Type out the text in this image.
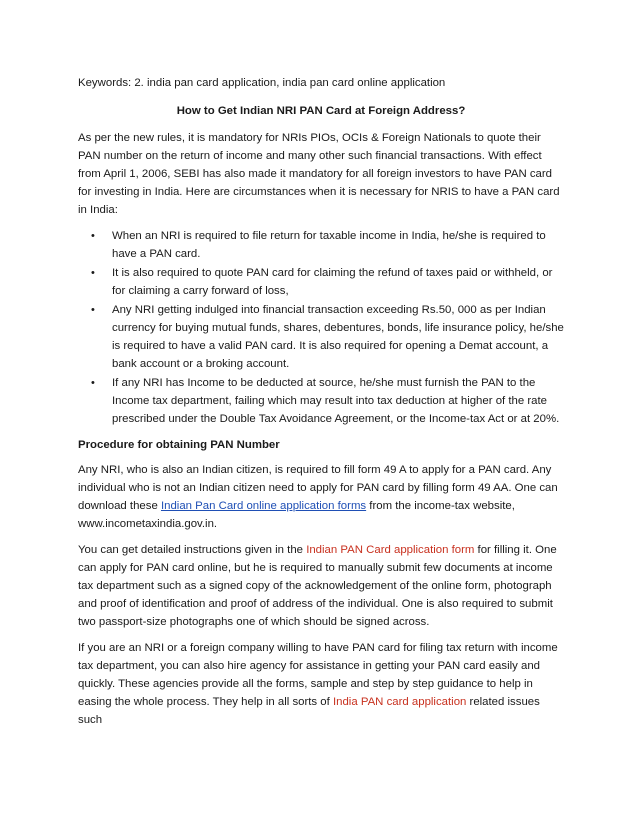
Keywords: 2. india pan card application, india pan card online application

How to Get Indian NRI PAN Card at Foreign Address?

As per the new rules, it is mandatory for NRIs PIOs, OCIs & Foreign Nationals to quote their PAN number on the return of income and many other such financial transactions. With effect from April 1, 2006, SEBI has also made it mandatory for all foreign investors to have PAN card for investing in India. Here are circumstances when it is necessary for NRIS to have a PAN card in India:

• When an NRI is required to file return for taxable income in India, he/she is required to have a PAN card.
• It is also required to quote PAN card for claiming the refund of taxes paid or withheld, or for claiming a carry forward of loss,
• Any NRI getting indulged into financial transaction exceeding Rs.50, 000 as per Indian currency for buying mutual funds, shares, debentures, bonds, life insurance policy, he/she is required to have a valid PAN card. It is also required for opening a Demat account, a bank account or a broking account.
• If any NRI has Income to be deducted at source, he/she must furnish the PAN to the Income tax department, failing which may result into tax deduction at higher of the rate prescribed under the Double Tax Avoidance Agreement, or the Income-tax Act or at 20%.

Procedure for obtaining PAN Number

Any NRI, who is also an Indian citizen, is required to fill form 49 A to apply for a PAN card. Any individual who is not an Indian citizen need to apply for PAN card by filling form 49 AA. One can download these Indian Pan Card online application forms from the income-tax website, www.incometaxindia.gov.in.

You can get detailed instructions given in the Indian PAN Card application form for filling it. One can apply for PAN card online, but he is required to manually submit few documents at income tax department such as a signed copy of the acknowledgement of the online form, photograph and proof of identification and proof of address of the individual. One is also required to submit two passport-size photographs one of which should be signed across.

If you are an NRI or a foreign company willing to have PAN card for filing tax return with income tax department, you can also hire agency for assistance in getting your PAN card easily and quickly. These agencies provide all the forms, sample and step by step guidance to help in easing the whole process. They help in all sorts of India PAN card application related issues such
